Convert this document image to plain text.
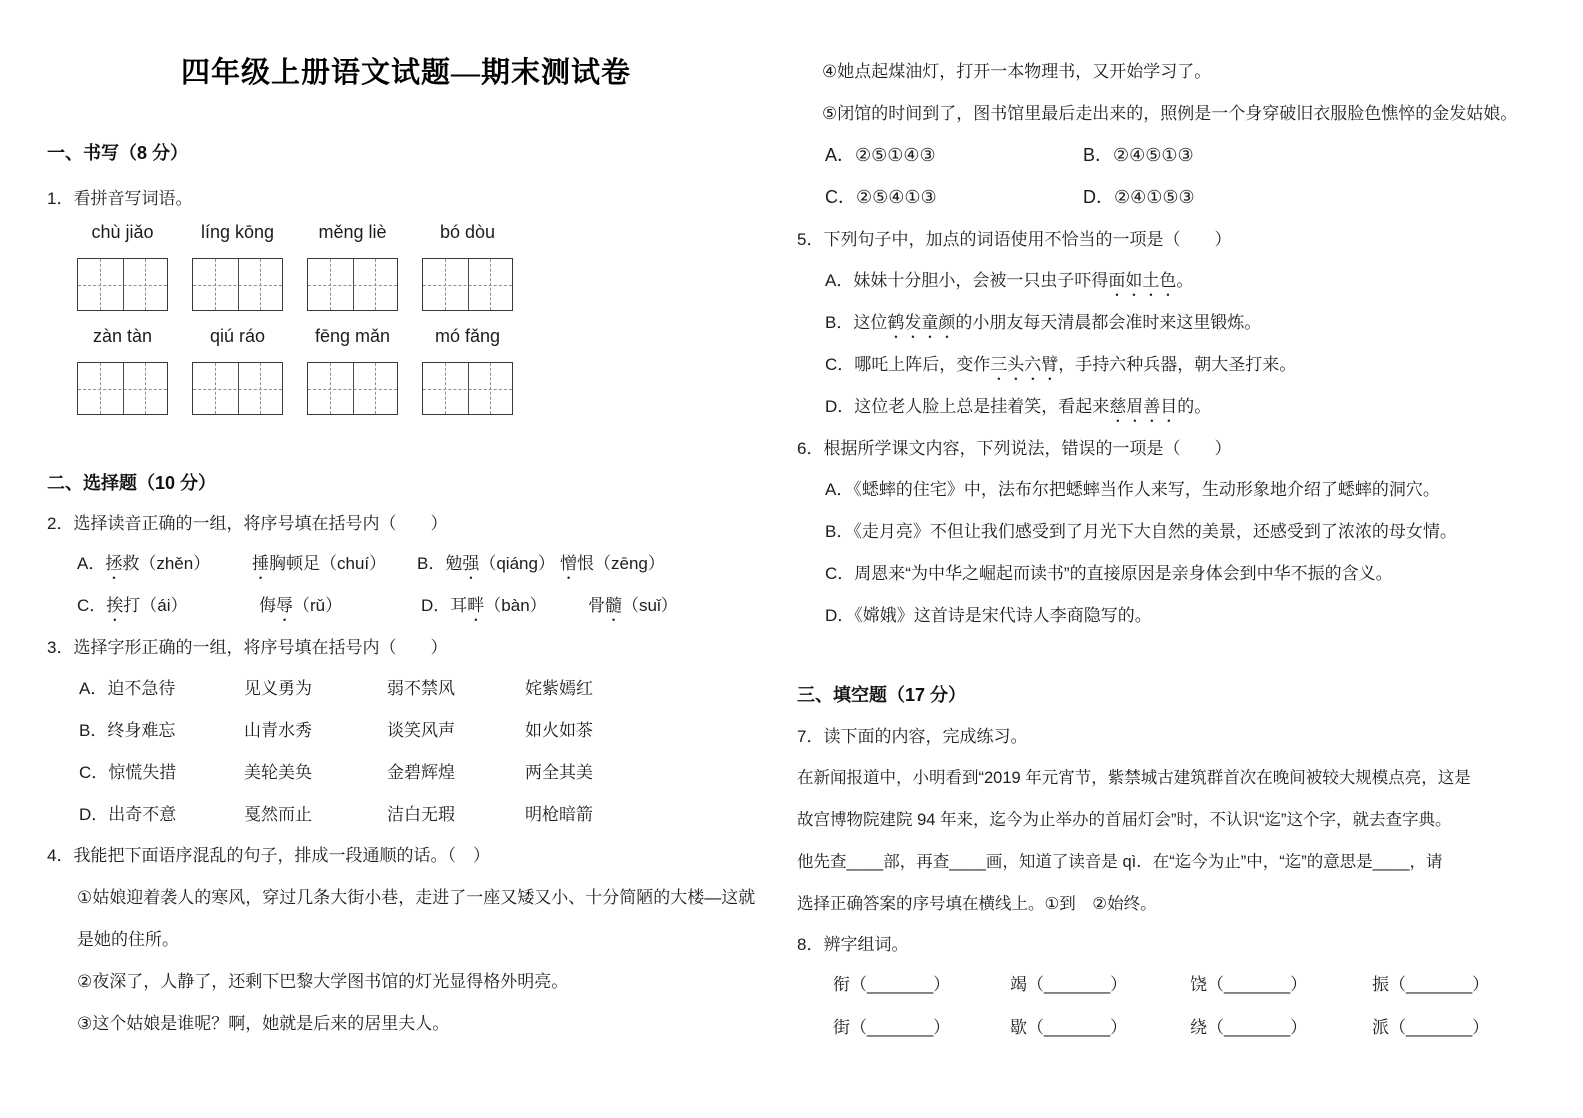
四年级上册语文试题—期末测试卷
一、书写（8 分）
1．看拼音写词语。
chù jiǎo	líng kōng	měng liè	bó dòu
zàn tàn	qiú ráo	fēng mǎn	mó fǎng
二、选择题（10 分）
2．选择读音正确的一组，将序号填在括号内（　　）
A．拯救（zhěn）	捶胸顿足（chuí）	B．勉强（qiáng） 憎恨（zēng）
C．挨打（ái）	侮辱（rǔ）	D．耳畔（bàn）	骨髓（suǐ）
3．选择字形正确的一组，将序号填在括号内（　　）
A．迫不急待	见义勇为	弱不禁风	姹紫嫣红
B．终身难忘	山青水秀	谈笑风声	如火如茶
C．惊慌失措	美轮美奂	金碧辉煌	两全其美
D．出奇不意	戛然而止	洁白无瑕	明枪暗箭
4．我能把下面语序混乱的句子，排成一段通顺的话。（　）
①姑娘迎着袭人的寒风，穿过几条大街小巷，走进了一座又矮又小、十分简陋的大楼—这就
是她的住所。
②夜深了，人静了，还剩下巴黎大学图书馆的灯光显得格外明亮。
③这个姑娘是谁呢？啊，她就是后来的居里夫人。
④她点起煤油灯，打开一本物理书，又开始学习了。
⑤闭馆的时间到了，图书馆里最后走出来的，照例是一个身穿破旧衣服脸色憔悴的金发姑娘。
A．②⑤①④③	B．②④⑤①③
C．②⑤④①③	D．②④①⑤③
5．下列句子中，加点的词语使用不恰当的一项是（　　）
A．妹妹十分胆小，会被一只虫子吓得面如土色。
B．这位鹤发童颜的小朋友每天清晨都会准时来这里锻炼。
C．哪吒上阵后，变作三头六臂，手持六种兵器，朝大圣打来。
D．这位老人脸上总是挂着笑，看起来慈眉善目的。
6．根据所学课文内容，下列说法，错误的一项是（　　）
A．《蟋蟀的住宅》中，法布尔把蟋蟀当作人来写，生动形象地介绍了蟋蟀的洞穴。
B．《走月亮》不但让我们感受到了月光下大自然的美景，还感受到了浓浓的母女情。
C．周恩来“为中华之崛起而读书”的直接原因是亲身体会到中华不振的含义。
D．《嫦娥》这首诗是宋代诗人李商隐写的。
三、填空题（17 分）
7．读下面的内容，完成练习。
在新闻报道中，小明看到“2019 年元宵节，紫禁城古建筑群首次在晚间被较大规模点亮，这是
故宫博物院建院 94 年来，迄今为止举办的首届灯会”时，不认识“迄”这个字，就去查字典。
他先查____部，再查____画，知道了读音是 qì．在“迄今为止”中，“迄”的意思是____，请
选择正确答案的序号填在横线上。①到　②始终。
8．辨字组词。
衔（_______）	竭（_______）	饶（_______）	振（_______）
街（_______）	歇（_______）	绕（_______）	派（_______）
